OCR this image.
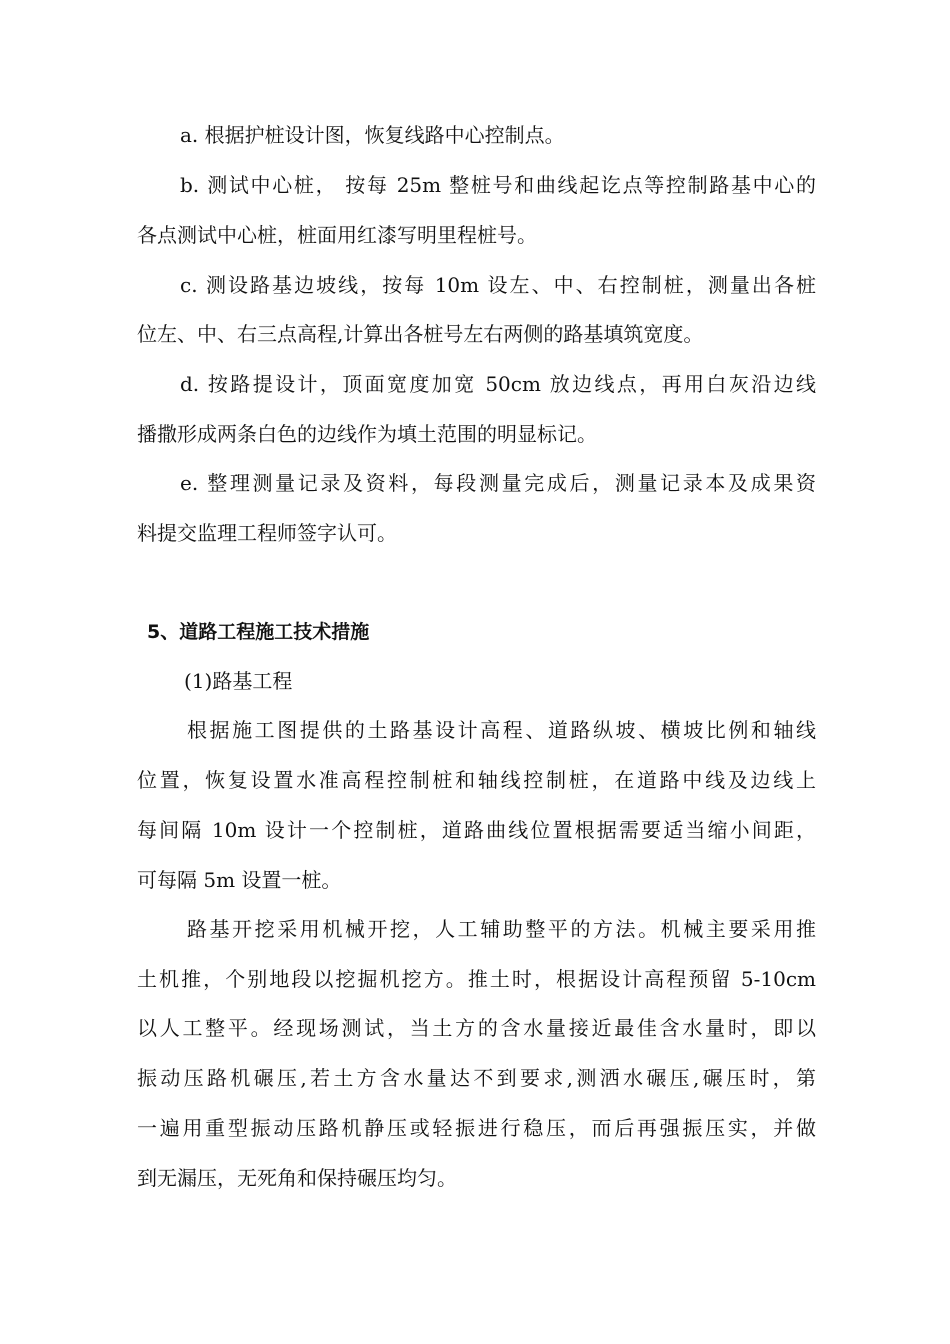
a. 根据护桩设计图，恢复线路中心控制点。
b. 测试中心桩， 按每 25m 整桩号和曲线起讫点等控制路基中心的
各点测试中心桩，桩面用红漆写明里程桩号。
c. 测设路基边坡线，按每 10m 设左、中、右控制桩，测量出各桩
位左、中、右三点高程,计算出各桩号左右两侧的路基填筑宽度。
d. 按路提设计，顶面宽度加宽 50cm 放边线点，再用白灰沿边线
播撒形成两条白色的边线作为填土范围的明显标记。
e. 整理测量记录及资料，每段测量完成后，测量记录本及成果资
料提交监理工程师签字认可。
5、道路工程施工技术措施
(1)路基工程
根据施工图提供的土路基设计高程、道路纵坡、横坡比例和轴线
位置，恢复设置水准高程控制桩和轴线控制桩，在道路中线及边线上
每间隔 10m 设计一个控制桩，道路曲线位置根据需要适当缩小间距，
可每隔 5m 设置一桩。
路基开挖采用机械开挖，人工辅助整平的方法。机械主要采用推
土机推，个别地段以挖掘机挖方。推土时，根据设计高程预留 5-10cm
以人工整平。经现场测试，当土方的含水量接近最佳含水量时，即以
振动压路机碾压,若土方含水量达不到要求,测洒水碾压,碾压时，第
一遍用重型振动压路机静压或轻振进行稳压，而后再强振压实，并做
到无漏压，无死角和保持碾压均匀。
